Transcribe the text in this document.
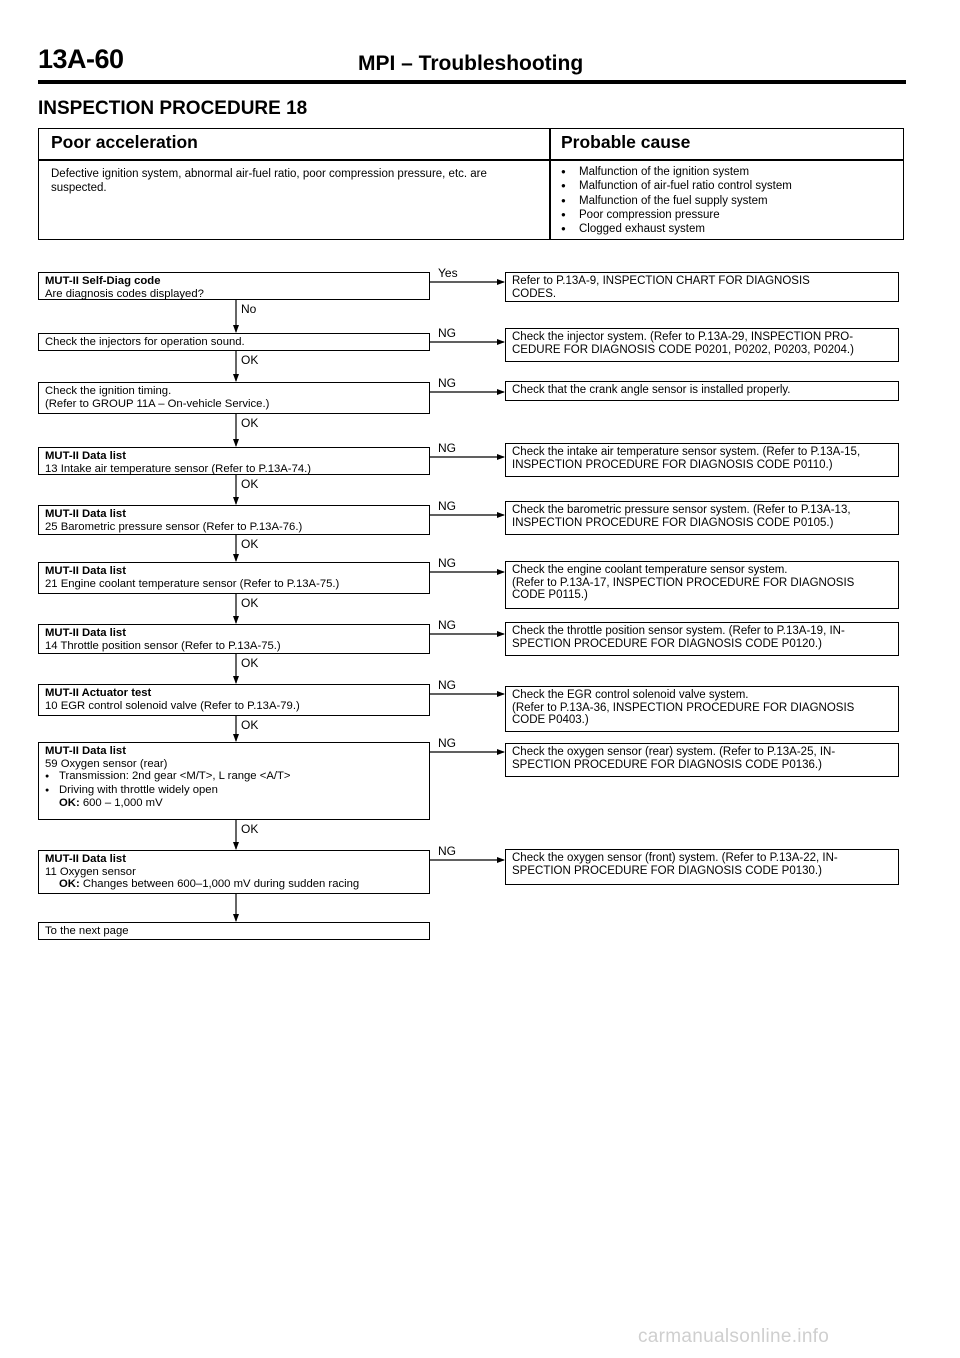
13A-60	MPI – Troubleshooting
INSPECTION PROCEDURE 18
Poor acceleration	Probable cause
Defective ignition system, abnormal air-fuel ratio, poor compression pressure, etc. are suspected.
● Malfunction of the ignition system
● Malfunction of air-fuel ratio control system
● Malfunction of the fuel supply system
● Poor compression pressure
● Clogged exhaust system
MUT-II Self-Diag code
Are diagnosis codes displayed?
Refer to P.13A-9, INSPECTION CHART FOR DIAGNOSIS
CODES.
Yes
No
Check the injectors for operation sound.	Check the injector system. (Refer to P.13A-29, INSPECTION PRO-
CEDURE FOR DIAGNOSIS CODE P0201, P0202, P0203, P0204.)
NG
OK
Check the ignition timing.
(Refer to GROUP 11A – On-vehicle Service.)
Check that the crank angle sensor is installed properly.
NG
OK
MUT-II Data list
13 Intake air temperature sensor (Refer to P.13A-74.)
Check the intake air temperature sensor system. (Refer to P.13A-15,
INSPECTION PROCEDURE FOR DIAGNOSIS CODE P0110.)
NG
OK
MUT-II Data list
25 Barometric pressure sensor (Refer to P.13A-76.)
Check the barometric pressure sensor system. (Refer to P.13A-13,
INSPECTION PROCEDURE FOR DIAGNOSIS CODE P0105.)
NG
OK
MUT-II Data list
21 Engine coolant temperature sensor (Refer to P.13A-75.)
Check the engine coolant temperature sensor system.
(Refer to P.13A-17, INSPECTION PROCEDURE FOR DIAGNOSIS
CODE P0115.)
NG
OK
MUT-II Data list
14 Throttle position sensor (Refer to P.13A-75.)
Check the throttle position sensor system. (Refer to P.13A-19, IN-
SPECTION PROCEDURE FOR DIAGNOSIS CODE P0120.)
NG
OK
MUT-II Actuator test
10 EGR control solenoid valve (Refer to P.13A-79.)
Check the EGR control solenoid valve system.
(Refer to P.13A-36, INSPECTION PROCEDURE FOR DIAGNOSIS
CODE P0403.)
NG
OK
MUT-II Data list
59 Oxygen sensor (rear)
● Transmission: 2nd gear <M/T>, L range <A/T>
● Driving with throttle widely open
OK: 600 – 1,000 mV
Check the oxygen sensor (rear) system. (Refer to P.13A-25, IN-
SPECTION PROCEDURE FOR DIAGNOSIS CODE P0136.)
NG
OK
MUT-II Data list
11 Oxygen sensor
OK: Changes between 600–1,000 mV during sudden racing
Check the oxygen sensor (front) system. (Refer to P.13A-22, IN-
SPECTION PROCEDURE FOR DIAGNOSIS CODE P0130.)
NG
To the next page
carmanualsonline.info
